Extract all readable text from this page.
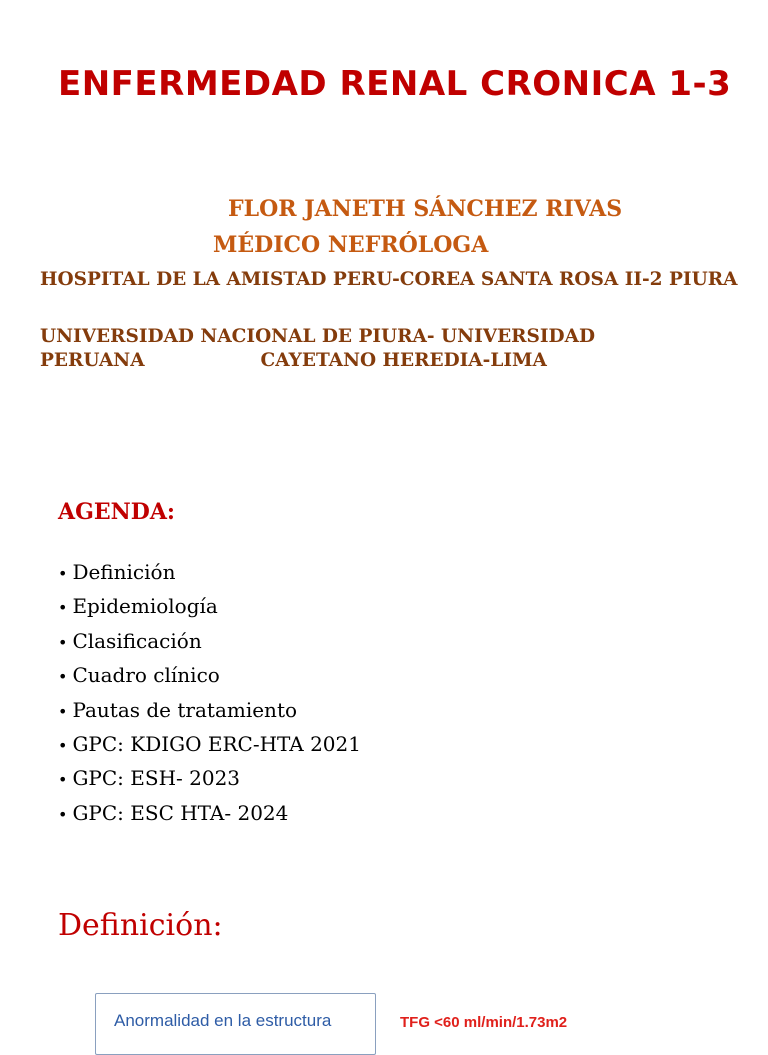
ENFERMEDAD RENAL CRONICA 1-3
FLOR JANETH SÁNCHEZ RIVAS
MÉDICO NEFRÓLOGA
HOSPITAL DE LA AMISTAD PERU-COREA SANTA ROSA II-2 PIURA
UNIVERSIDAD NACIONAL DE PIURA- UNIVERSIDAD
PERUANA                  CAYETANO HEREDIA-LIMA
AGENDA:
• Definición
• Epidemiología
• Clasificación
• Cuadro clínico
• Pautas de tratamiento
• GPC: KDIGO ERC-HTA 2021
• GPC: ESH- 2023
• GPC: ESC HTA- 2024
Definición:
Anormalidad en la estructura	TFG <60 ml/min/1.73m2
